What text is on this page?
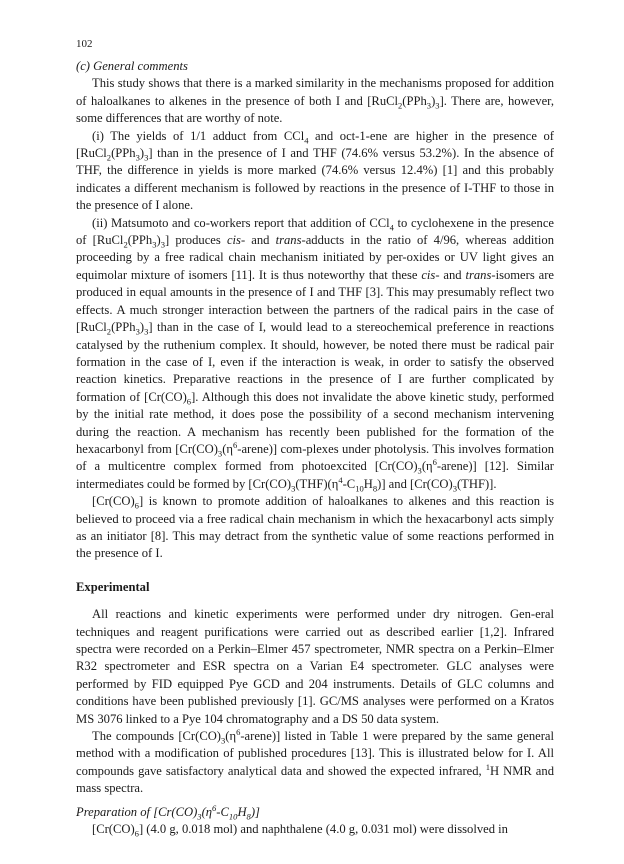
102
(c) General comments

This study shows that there is a marked similarity in the mechanisms proposed for addition of haloalkanes to alkenes in the presence of both I and $[RuCl_2(PPh_3)_3]$. There are, however, some differences that are worthy of note.

(i) The yields of 1/1 adduct from CCl$_4$ and oct-1-ene are higher in the presence of $[RuCl_2(PPh_3)_3]$ than in the presence of I and THF (74.6% versus 53.2%). In the absence of THF, the difference in yields is more marked (74.6% versus 12.4%) [1] and this probably indicates a different mechanism is followed by reactions in the presence of I-THF to those in the presence of I alone.

(ii) Matsumoto and co-workers report that addition of CCl$_4$ to cyclohexene in the presence of $[RuCl_2(PPh_3)_3]$ produces cis- and trans-adducts in the ratio of 4/96, whereas addition proceeding by a free radical chain mechanism initiated by per-oxides or UV light gives an equimolar mixture of isomers [11]. It is thus noteworthy that these cis- and trans-isomers are produced in equal amounts in the presence of I and THF [3]. This may presumably reflect two effects. A much stronger interaction between the partners of the radical pairs in the case of $[RuCl_2(PPh_3)_3]$ than in the case of I, would lead to a stereochemical preference in reactions catalysed by the ruthenium complex. It should, however, be noted there must be radical pair formation in the case of I, even if the interaction is weak, in order to satisfy the observed reaction kinetics. Preparative reactions in the presence of I are further complicated by formation of $[Cr(CO)_6]$. Although this does not invalidate the above kinetic study, performed by the initial rate method, it does pose the possibility of a second mechanism intervening during the reaction. A mechanism has recently been published for the formation of the hexacarbonyl from $[Cr(CO)_3(\eta^6-arene)]$ com-plexes under photolysis. This involves formation of a multicentre complex formed from photoexcited $[Cr(CO)_3(\eta^6-arene)]$ [12]. Similar intermediates could be formed by $[Cr(CO)_3(THF)(\eta^4-C_{10}H_8)]$ and $[Cr(CO)_3(THF)]$.

$[Cr(CO)_6]$ is known to promote addition of haloalkanes to alkenes and this reaction is believed to proceed via a free radical chain mechanism in which the hexacarbonyl acts simply as an initiator [8]. This may detract from the synthetic value of some reactions performed in the presence of I.

Experimental

All reactions and kinetic experiments were performed under dry nitrogen. Gen-eral techniques and reagent purifications were carried out as described earlier [1,2]. Infrared spectra were recorded on a Perkin–Elmer 457 spectrometer, NMR spectra on a Perkin–Elmer R32 spectrometer and ESR spectra on a Varian E4 spectrometer. GLC analyses were performed by FID equipped Pye GCD and 204 instruments. Details of GLC columns and conditions have been published previously [1]. GC/MS analyses were performed on a Kratos MS 3076 linked to a Pye 104 chromatography and a DS 50 data system.

The compounds $[Cr(CO)_3(\eta^6-arene)]$ listed in Table 1 were prepared by the same general method with a modification of published procedures [13]. This is illustrated below for I. All compounds gave satisfactory analytical data and showed the expected infrared, $^1$H NMR and mass spectra.

Preparation of $[Cr(CO)_3(\eta^6-C_{10}H_8)]$

$[Cr(CO)_6]$ (4.0 g, 0.018 mol) and naphthalene (4.0 g, 0.031 mol) were dissolved in
